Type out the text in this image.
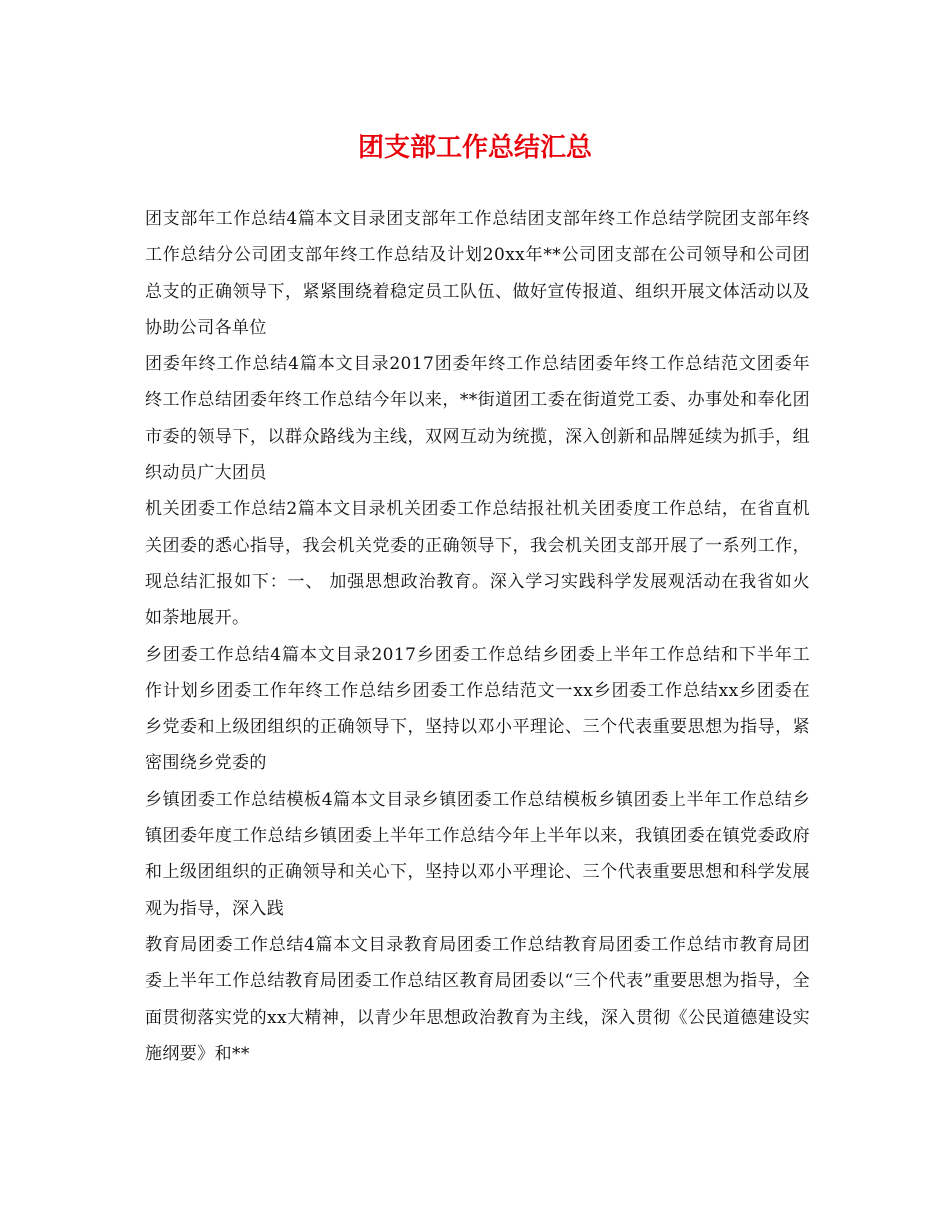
团支部工作总结汇总

团支部年工作总结4篇本文目录团支部年工作总结团支部年终工作总结学院团支部年终工作总结分公司团支部年终工作总结及计划20xx年**公司团支部在公司领导和公司团总支的正确领导下，紧紧围绕着稳定员工队伍、做好宣传报道、组织开展文体活动以及协助公司各单位

团委年终工作总结4篇本文目录2017团委年终工作总结团委年终工作总结范文团委年终工作总结团委年终工作总结今年以来，**街道团工委在街道党工委、办事处和奉化团市委的领导下，以群众路线为主线，双网互动为统揽，深入创新和品牌延续为抓手，组织动员广大团员

机关团委工作总结2篇本文目录机关团委工作总结报社机关团委度工作总结，在省直机关团委的悉心指导，我会机关党委的正确领导下，我会机关团支部开展了一系列工作，现总结汇报如下：一、 加强思想政治教育。深入学习实践科学发展观活动在我省如火如荼地展开。

乡团委工作总结4篇本文目录2017乡团委工作总结乡团委上半年工作总结和下半年工作计划乡团委工作年终工作总结乡团委工作总结范文一xx乡团委工作总结xx乡团委在乡党委和上级团组织的正确领导下，坚持以邓小平理论、三个代表重要思想为指导，紧密围绕乡党委的

乡镇团委工作总结模板4篇本文目录乡镇团委工作总结模板乡镇团委上半年工作总结乡镇团委年度工作总结乡镇团委上半年工作总结今年上半年以来，我镇团委在镇党委政府和上级团组织的正确领导和关心下，坚持以邓小平理论、三个代表重要思想和科学发展观为指导，深入践

教育局团委工作总结4篇本文目录教育局团委工作总结教育局团委工作总结市教育局团委上半年工作总结教育局团委工作总结区教育局团委以“三个代表”重要思想为指导，全面贯彻落实党的xx大精神，以青少年思想政治教育为主线，深入贯彻《公民道德建设实施纲要》和**
